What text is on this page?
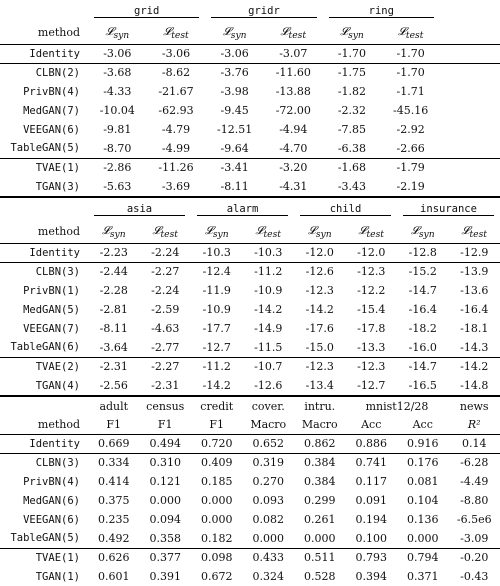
	grid		gridr		ring		

method	𝓛$_{syn}$	𝓛$_{test}$	𝓛$_{syn}$	𝓛$_{test}$	𝓛$_{syn}$	𝓛$_{test}$	
Identity	-3.06	-3.06	-3.06	-3.07	-1.70	-1.70	
CLBN(2)	-3.68	-8.62	-3.76	-11.60	-1.75	-1.70	
PrivBN(4)	-4.33	-21.67	-3.98	-13.88	-1.82	-1.71	
MedGAN(7)	-10.04	-62.93	-9.45	-72.00	-2.32	-45.16	
VEEGAN(6)	-9.81	-4.79	-12.51	-4.94	-7.85	-2.92	
TableGAN(5)	-8.70	-4.99	-9.64	-4.70	-6.38	-2.66	
TVAE(1)	-2.86	-11.26	-3.41	-3.20	-1.68	-1.79	
TGAN(3)	-5.63	-3.69	-8.11	-4.31	-3.43	-2.19	

	asia		alarm		child		insurance	

method	𝓛$_{syn}$	𝓛$_{test}$	𝓛$_{syn}$	𝓛$_{test}$	𝓛$_{syn}$	𝓛$_{test}$	𝓛$_{syn}$	𝓛$_{test}$
Identity	-2.23	-2.24	-10.3	-10.3	-12.0	-12.0	-12.8	-12.9
CLBN(3)	-2.44	-2.27	-12.4	-11.2	-12.6	-12.3	-15.2	-13.9
PrivBN(1)	-2.28	-2.24	-11.9	-10.9	-12.3	-12.2	-14.7	-13.6
MedGAN(5)	-2.81	-2.59	-10.9	-14.2	-14.2	-15.4	-16.4	-16.4
VEEGAN(7)	-8.11	-4.63	-17.7	-14.9	-17.6	-17.8	-18.2	-18.1
TableGAN(6)	-3.64	-2.77	-12.7	-11.5	-15.0	-13.3	-16.0	-14.3
TVAE(2)	-2.31	-2.27	-11.2	-10.7	-12.3	-12.3	-14.7	-14.2
TGAN(4)	-2.56	-2.31	-14.2	-12.6	-13.4	-12.7	-16.5	-14.8
	adult	census	credit	cover.	intru.	mnist12/28		news
method	F1	F1	F1	Macro	Macro	Acc	Acc	R²
Identity	0.669	0.494	0.720	0.652	0.862	0.886	0.916	0.14
CLBN(3)	0.334	0.310	0.409	0.319	0.384	0.741	0.176	-6.28
PrivBN(4)	0.414	0.121	0.185	0.270	0.384	0.117	0.081	-4.49
MedGAN(6)	0.375	0.000	0.000	0.093	0.299	0.091	0.104	-8.80
VEEGAN(6)	0.235	0.094	0.000	0.082	0.261	0.194	0.136	-6.5e6
TableGAN(5)	0.492	0.358	0.182	0.000	0.000	0.100	0.000	-3.09
TVAE(1)	0.626	0.377	0.098	0.433	0.511	0.793	0.794	-0.20
TGAN(1)	0.601	0.391	0.672	0.324	0.528	0.394	0.371	-0.43
